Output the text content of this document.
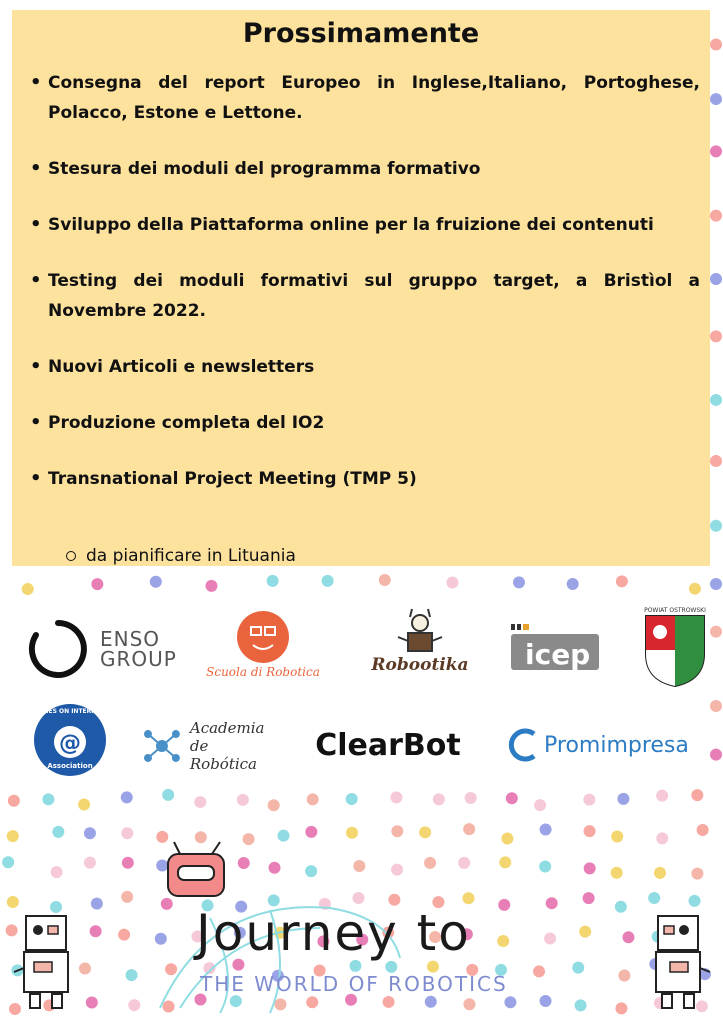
Prossimamente
• Consegna del report Europeo in Inglese,Italiano, Portoghese, Polacco, Estone e Lettone.
• Stesura dei moduli del programma formativo
• Sviluppo della Piattaforma online per la fruizione dei contenuti
• Testing dei moduli formativi sul gruppo target, a Bristìol a Novembre 2022.
• Nuovi Articoli e newsletters
• Produzione completa del IO2
• Transnational Project Meeting (TMP 5)
da pianificare in Lituania
ENSO
GROUP
Scuola di Robotica	Robootika icep
POWIAT OSTROWSKI
@
CITIES ON INTERNET
Association
Academia
de Robótica
ClearBot	Promimpresa
Journey to
THE WORLD OF ROBOTICS
